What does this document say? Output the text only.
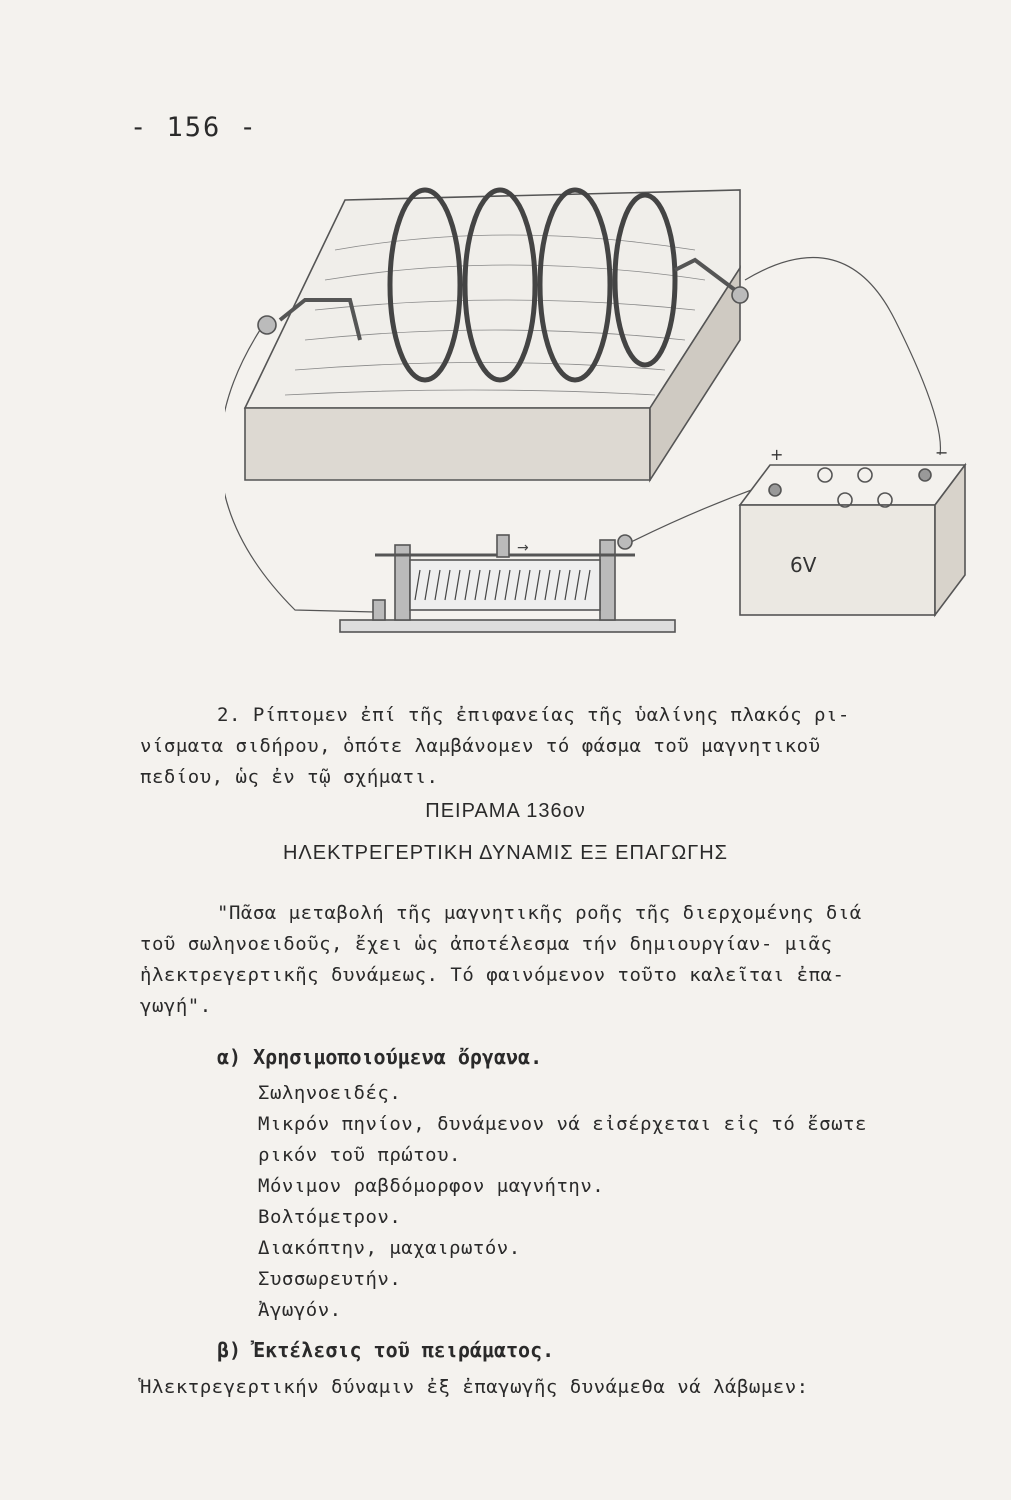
- 156 -
→
+	−
6V
2. Ρίπτομεν ἐπί τῆς ἐπιφανείας τῆς ὑαλίνης πλακός ρι-
νίσματα σιδήρου, ὁπότε λαμβάνομεν τό φάσμα τοῦ μαγνητικοῦ
πεδίου, ὡς ἐν τῷ σχήματι.
ΠΕΙΡΑΜΑ 136ον
ΗΛΕΚΤΡΕΓΕΡΤΙΚΗ ΔΥΝΑΜΙΣ ΕΞ ΕΠΑΓΩΓΗΣ
"Πᾶσα μεταβολή τῆς μαγνητικῆς ροῆς τῆς διερχομένης διά
τοῦ σωληνοειδοῦς, ἔχει ὡς ἀποτέλεσμα τήν δημιουργίαν- μιᾶς
ἡλεκτρεγερτικῆς δυνάμεως. Τό φαινόμενον τοῦτο καλεῖται ἐπα-
γωγή".
α) Χρησιμοποιούμενα ὄργανα.
Σωληνοειδές.
Μικρόν πηνίον, δυνάμενον νά εἰσέρχεται εἰς τό ἔσωτε
ρικόν τοῦ πρώτου.
Μόνιμον ραβδόμορφον μαγνήτην.
Βολτόμετρον.
Διακόπτην, μαχαιρωτόν.
Συσσωρευτήν.
Ἀγωγόν.
β) Ἐκτέλεσις τοῦ πειράματος.
Ἡλεκτρεγερτικήν δύναμιν ἐξ ἐπαγωγῆς δυνάμεθα νά λάβωμεν:
